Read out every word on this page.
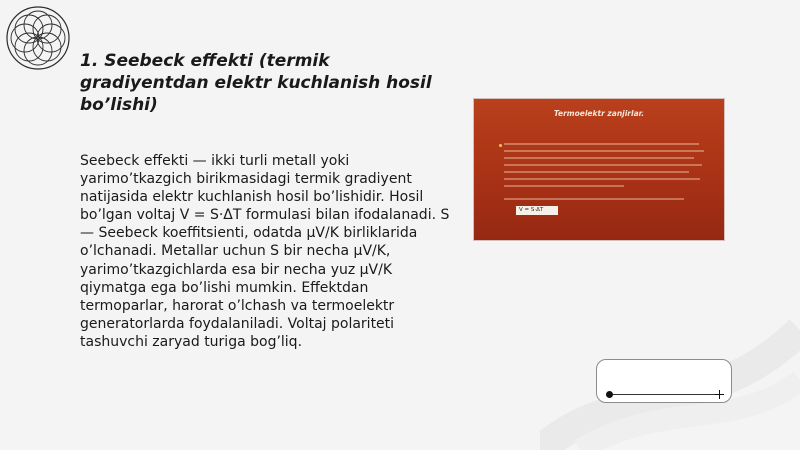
1. Seebeck effekti (termik gradiyentdan elektr kuchlanish hosil bo’lishi)

Seebeck effekti — ikki turli metall yoki yarimo’tkazgich birikmasidagi termik gradiyent natijasida elektr kuchlanish hosil bo’lishidir. Hosil bo’lgan voltaj V = S·ΔT formulasi bilan ifodalanadi. S — Seebeck koeffitsienti, odatda μV/K birliklarida o’lchanadi. Metallar uchun S bir necha μV/K, yarimo’tkazgichlarda esa bir necha yuz μV/K qiymatga ega bo’lishi mumkin. Effektdan termoparlar, harorat o’lchash va termoelektr generatorlarda foydalaniladi. Voltaj polariteti tashuvchi zaryad turiga bog’liq.

Termoelektr zanjirlar.
V = S·ΔT
